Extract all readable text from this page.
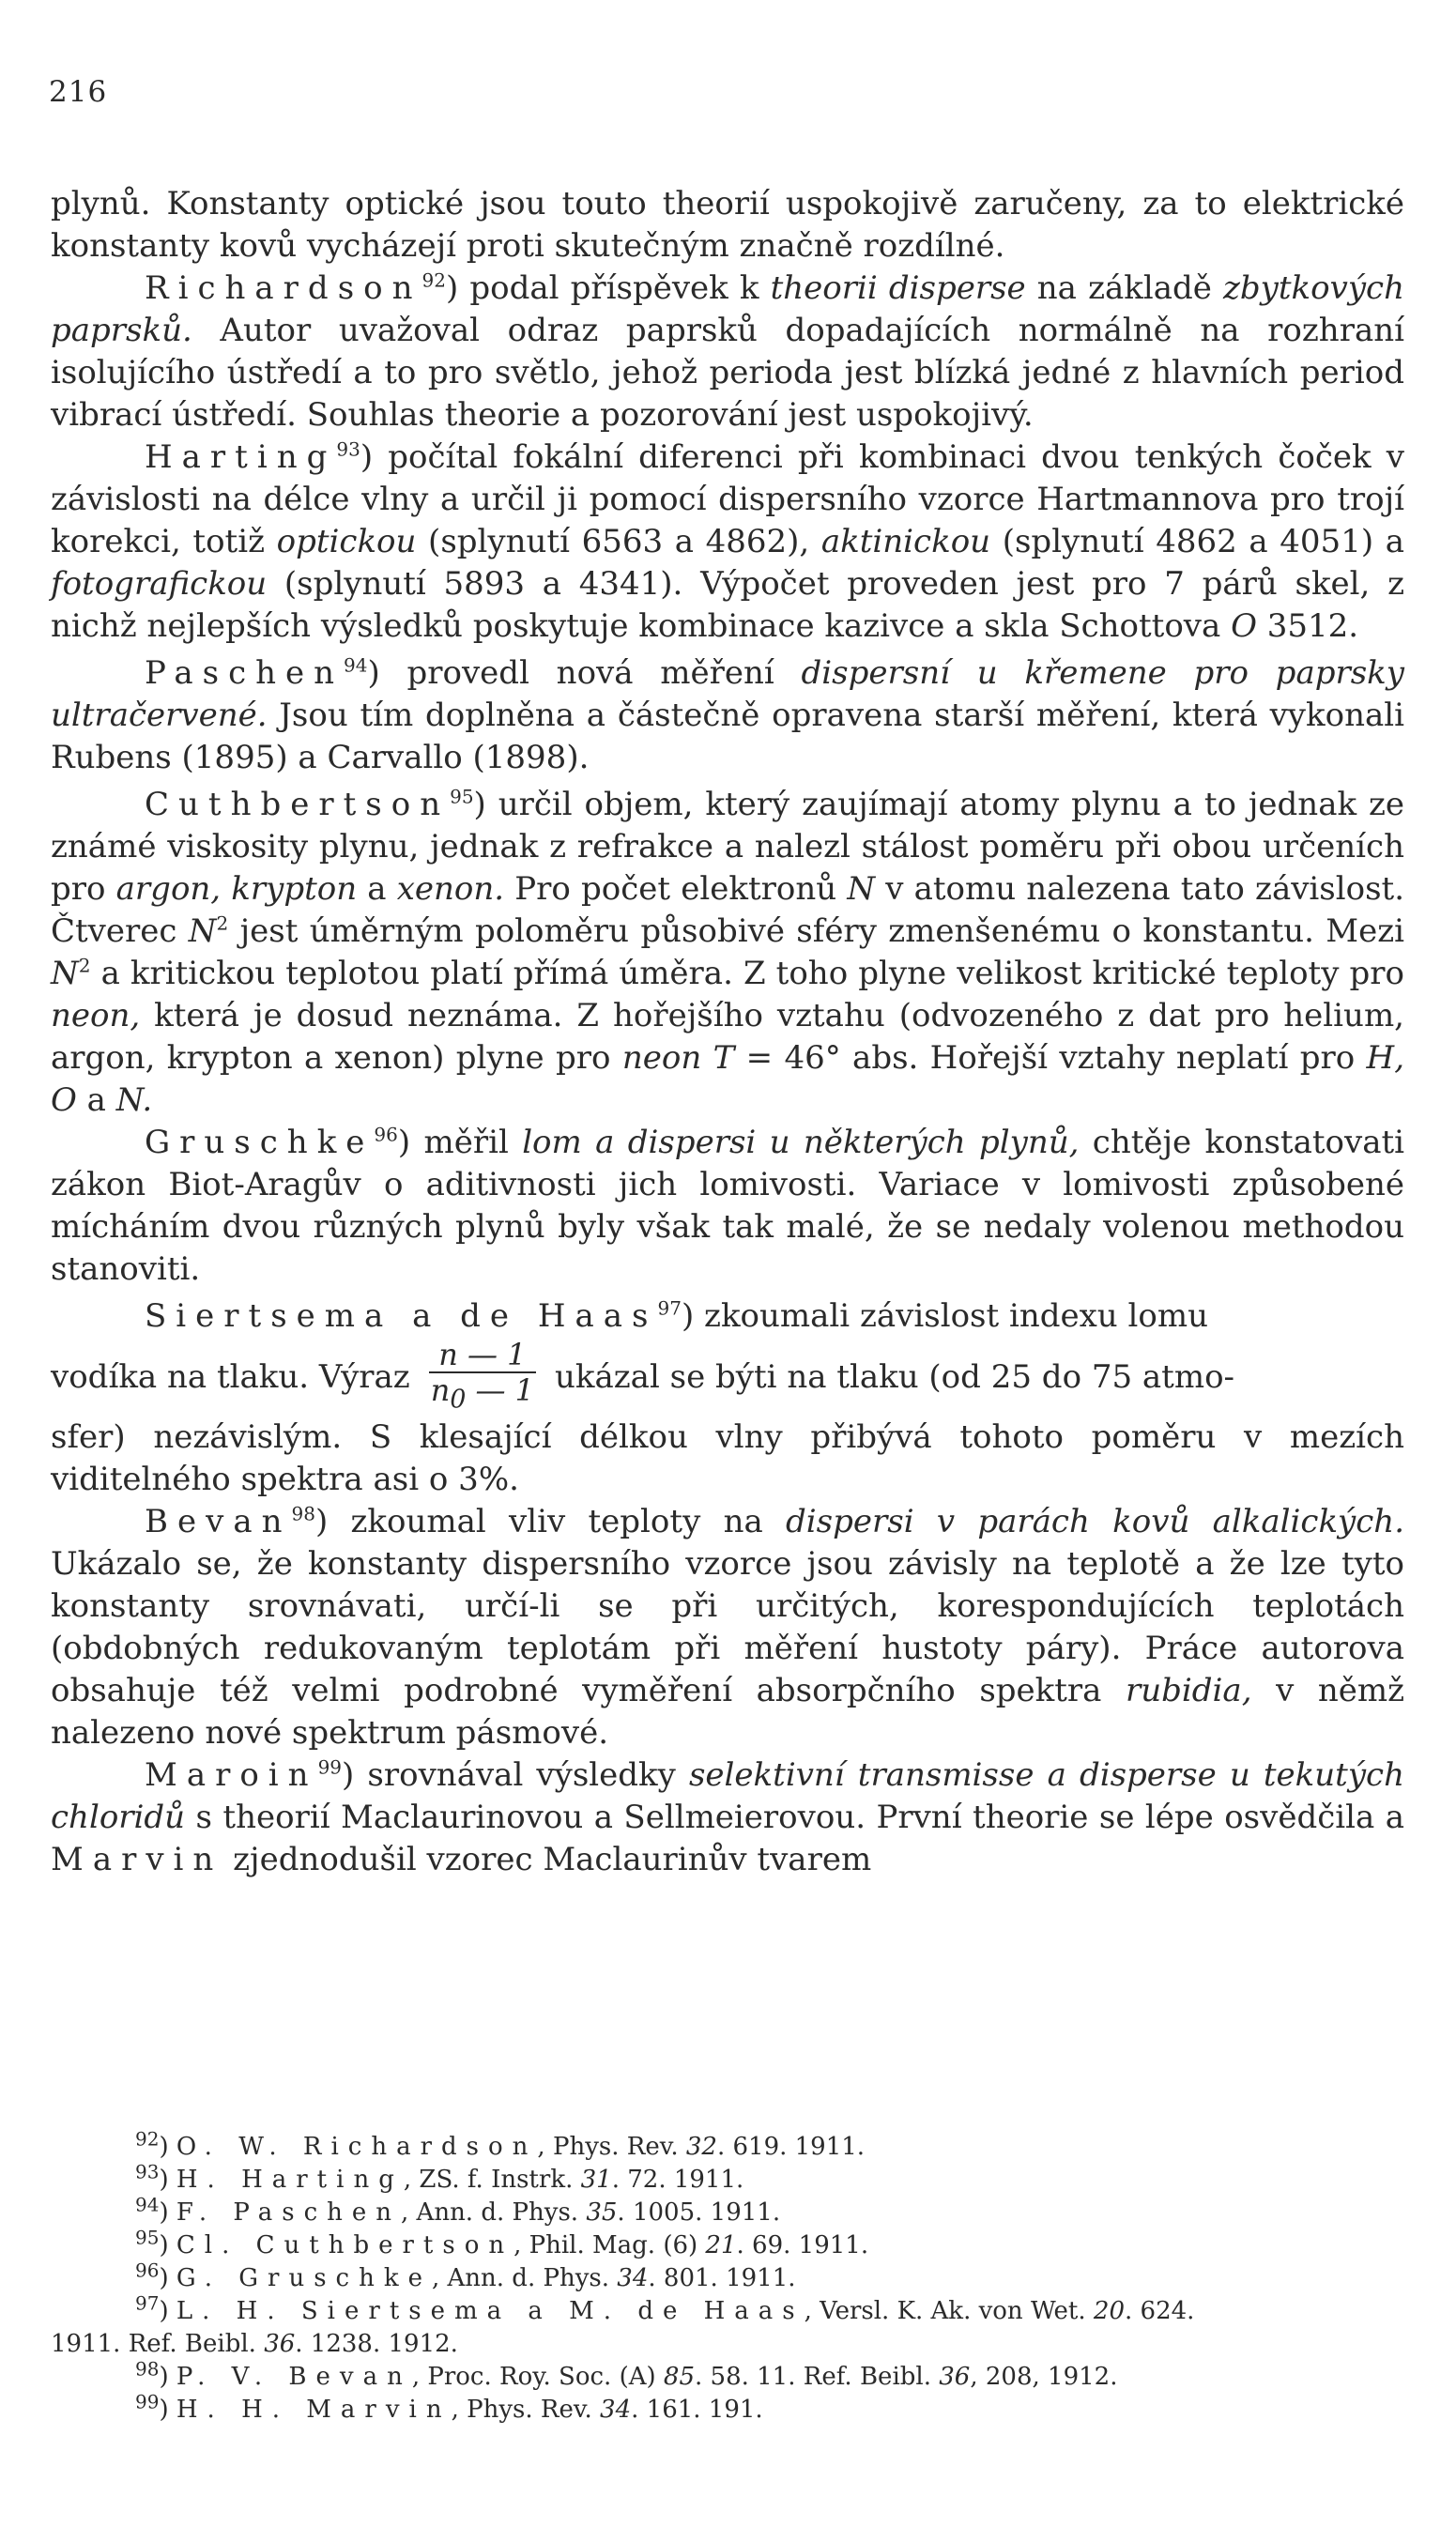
216

plynů. Konstanty optické jsou touto theorií uspokojivě zaručeny, za to elektrické konstanty kovů vycházejí proti skutečným značně rozdílné.

Richardson$^{92}$) podal příspěvek k theorii disperse na základě zbytkových paprsků. Autor uvažoval odraz paprsků dopadajících normálně na rozhraní isolujícího ústředí a to pro světlo, jehož perioda jest blízká jedné z hlavních period vibrací ústředí. Souhlas theorie a pozorování jest uspokojivý.

Harting$^{93}$) počítal fokální diferenci při kombinaci dvou tenkých čoček v závislosti na délce vlny a určil ji pomocí dispersního vzorce Hartmannova pro trojí korekci, totiž optickou (splynutí 6563 a 4862), aktinickou (splynutí 4862 a 4051) a fotografickou (splynutí 5893 a 4341). Výpočet proveden jest pro 7 párů skel, z nichž nejlepších výsledků poskytuje kombinace kazivce a skla Schottova O 3512.

Paschen$^{94}$) provedl nová měření dispersní u křemene pro paprsky ultračervené. Jsou tím doplněna a částečně opravena starší měření, která vykonali Rubens (1895) a Carvallo (1898).

Cuthbertson$^{95}$) určil objem, který zaujímají atomy plynu a to jednak ze známé viskosity plynu, jednak z refrakce a nalezl stálost poměru při obou určeních pro argon, krypton a xenon. Pro počet elektronů N v atomu nalezena tato závislost. Čtverec $N^2$ jest úměrným poloměru působivé sféry zmenšenému o konstantu. Mezi $N^2$ a kritickou teplotou platí přímá úměra. Z toho plyne velikost kritické teploty pro neon, která je dosud neznáma. Z hořejšího vztahu (odvozeného z dat pro helium, argon, krypton a xenon) plyne pro neon T = 46° abs. Hořejší vztahy neplatí pro H, O a N.

Gruschke$^{96}$) měřil lom a dispersi u některých plynů, chtěje konstatovati zákon Biot-Aragův o aditivnosti jich lomivosti. Variace v lomivosti způsobené mícháním dvou různých plynů byly však tak malé, že se nedaly volenou methodou stanoviti.

Siertsema a de Haas$^{97}$) zkoumali závislost indexu lomu

vodíka na tlaku. Výraz $\frac{n — 1}{n_0 — 1}$ ukázal se býti na tlaku (od 25 do 75 atmo-

sfer) nezávislým. S klesající délkou vlny přibývá tohoto poměru v mezích viditelného spektra asi o 3%.

Bevan$^{98}$) zkoumal vliv teploty na dispersi v parách kovů alkalických. Ukázalo se, že konstanty dispersního vzorce jsou závisly na teplotě a že lze tyto konstanty srovnávati, určí-li se při určitých, korespondujících teplotách (obdobných redukovaným teplotám při měření hustoty páry). Práce autorova obsahuje též velmi podrobné vyměření absorpčního spektra rubidia, v němž nalezeno nové spektrum pásmové.

Maroin$^{99}$) srovnával výsledky selektivní transmisse a disperse u tekutých chloridů s theorií Maclaurinovou a Sellmeierovou. První theorie se lépe osvědčila a Marvin zjednodušil vzorec Maclaurinův tvarem

$^{92}$) O. W. Richardson, Phys. Rev. 32. 619. 1911.

$^{93}$) H. Harting, ZS. f. Instrk. 31. 72. 1911.

$^{94}$) F. Paschen, Ann. d. Phys. 35. 1005. 1911.

$^{95}$) Cl. Cuthbertson, Phil. Mag. (6) 21. 69. 1911.

$^{96}$) G. Gruschke, Ann. d. Phys. 34. 801. 1911.

$^{97}$) L. H. Siertsema a M. de Haas, Versl. K. Ak. von Wet. 20. 624.

1911. Ref. Beibl. 36. 1238. 1912.

$^{98}$) P. V. Bevan, Proc. Roy. Soc. (A) 85. 58. 11. Ref. Beibl. 36, 208, 1912.

$^{99}$) H. H. Marvin, Phys. Rev. 34. 161. 191.
